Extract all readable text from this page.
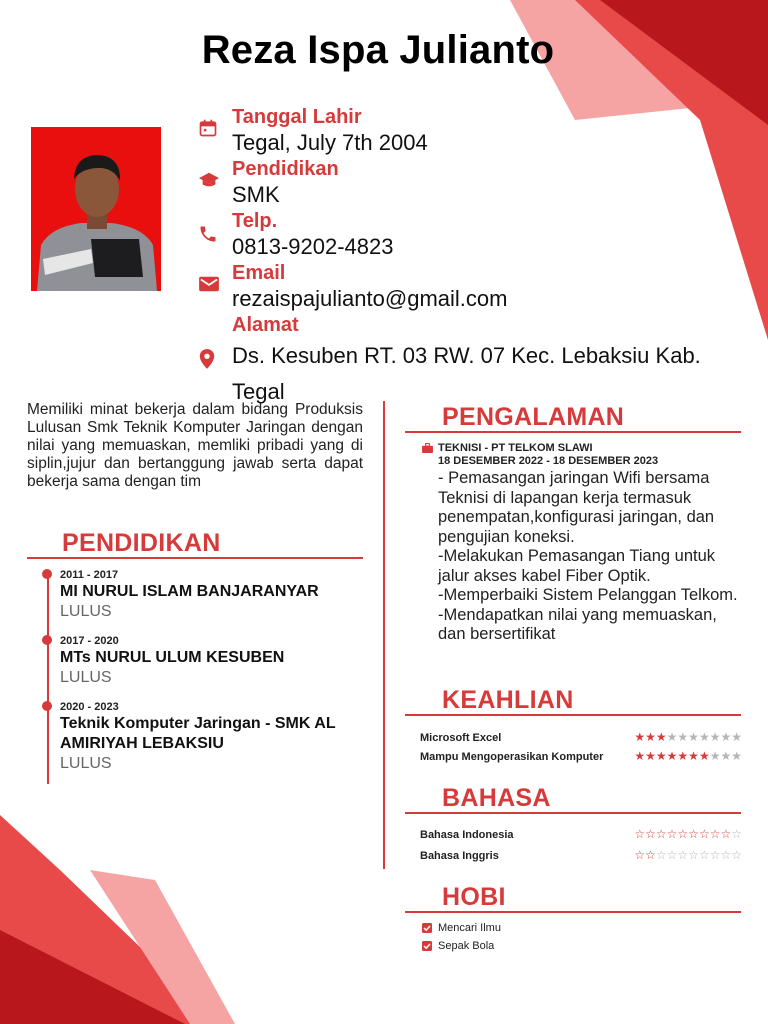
Reza Ispa Julianto
Tanggal Lahir
Tegal, July 7th 2004
Pendidikan
SMK
Telp.
0813-9202-4823
Email
rezaispajulianto@gmail.com
Alamat
Ds. Kesuben RT. 03 RW. 07 Kec. Lebaksiu Kab. Tegal
Memiliki minat bekerja dalam bidang Produksis Lulusan Smk Teknik Komputer Jaringan dengan nilai yang memuaskan, memliki pribadi yang di siplin,jujur dan bertanggung jawab serta dapat bekerja sama dengan tim
PENDIDIKAN
2011 - 2017
MI NURUL ISLAM BANJARANYAR
LULUS
2017 - 2020
MTs NURUL ULUM KESUBEN
LULUS
2020 - 2023
Teknik Komputer Jaringan - SMK AL AMIRIYAH LEBAKSIU
LULUS
PENGALAMAN
TEKNISI - PT TELKOM SLAWI
18 DESEMBER 2022 - 18 DESEMBER 2023
- Pemasangan jaringan Wifi bersama Teknisi di lapangan kerja termasuk penempatan,konfigurasi jaringan, dan pengujian koneksi.
-Melakukan Pemasangan Tiang untuk jalur akses kabel Fiber Optik.
-Memperbaiki Sistem Pelanggan Telkom.
-Mendapatkan nilai yang memuaskan, dan bersertifikat
KEAHLIAN
Microsoft Excel	★★★★★★★★★★
Mampu Mengoperasikan Komputer	★★★★★★★★★★
BAHASA
Bahasa Indonesia	☆☆☆☆☆☆☆☆☆☆
Bahasa Inggris	☆☆☆☆☆☆☆☆☆☆
HOBI
Mencari Ilmu
Sepak Bola
